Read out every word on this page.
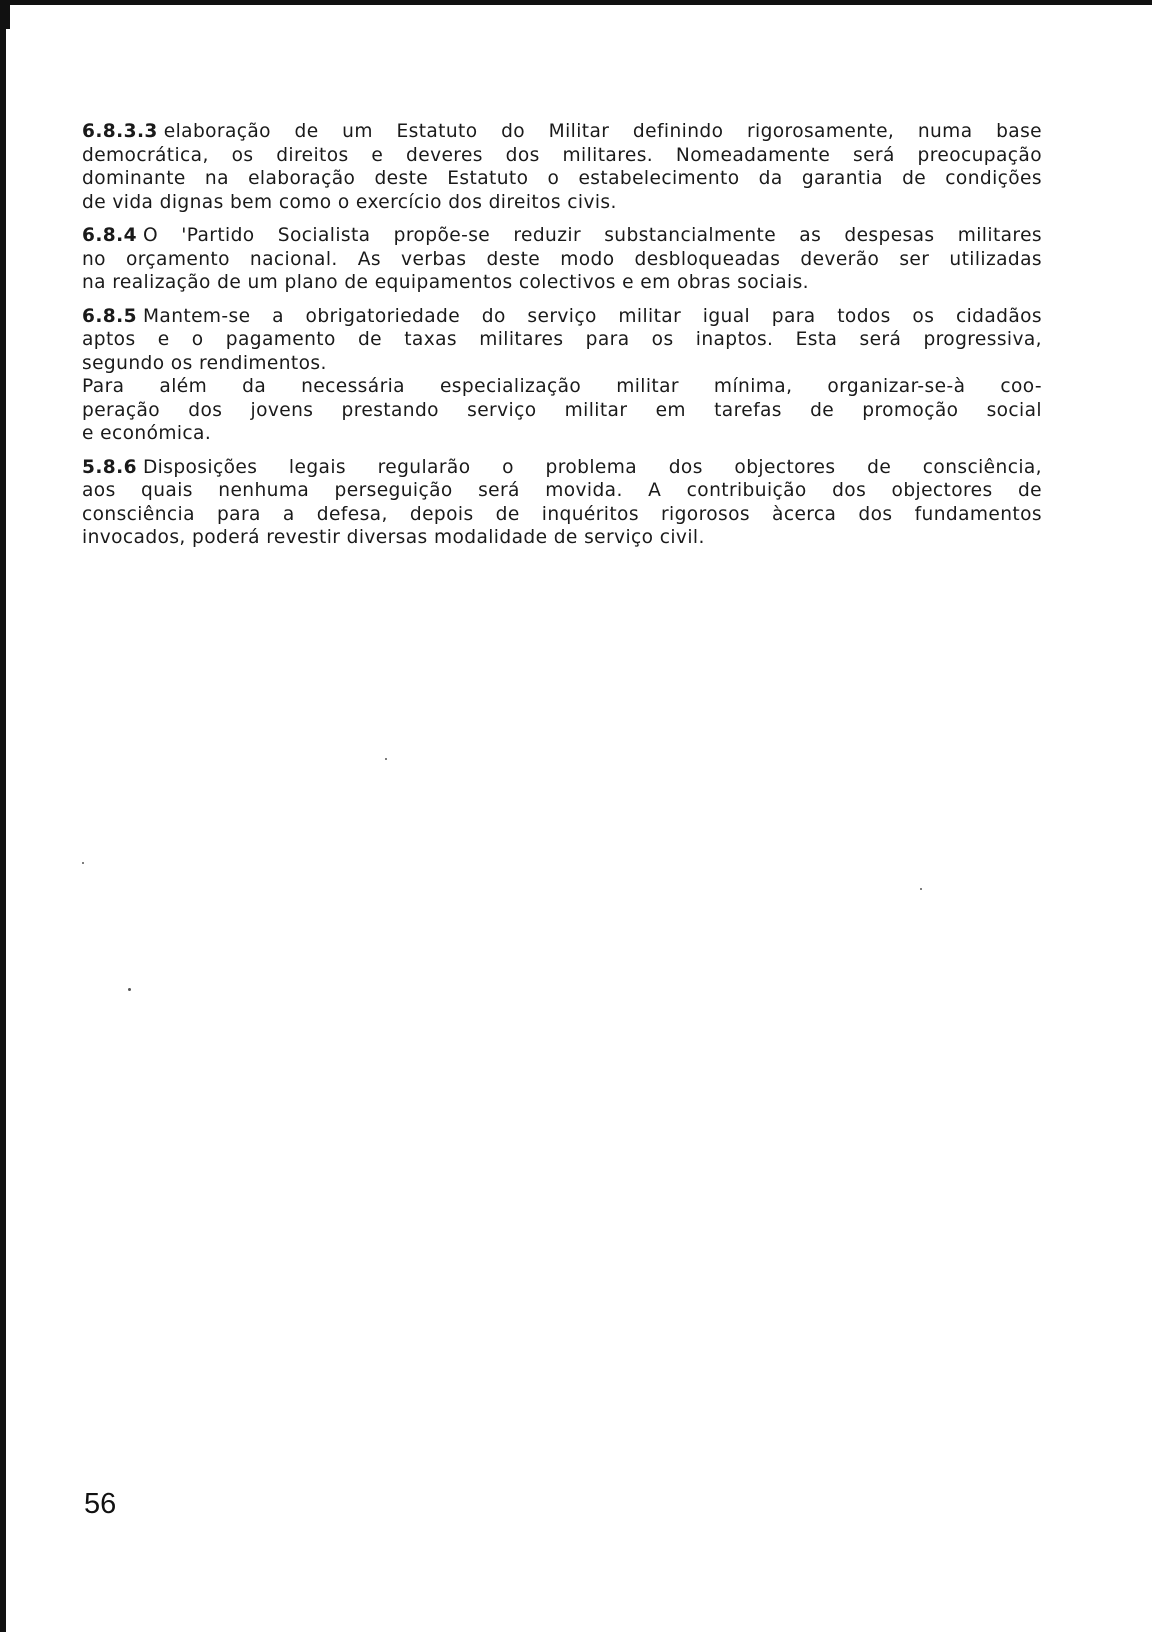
6.8.3.3 elaboração de um Estatuto do Militar definindo rigorosamente, numa base
democrática, os direitos e deveres dos militares. Nomeadamente será preocupação
dominante na elaboração deste Estatuto o estabelecimento da garantia de condições
de vida dignas bem como o exercício dos direitos civis.

6.8.4 O 'Partido Socialista propõe-se reduzir substancialmente as despesas militares
no orçamento nacional. As verbas deste modo desbloqueadas deverão ser utilizadas
na realização de um plano de equipamentos colectivos e em obras sociais.

6.8.5 Mantem-se a obrigatoriedade do serviço militar igual para todos os cidadãos
aptos e o pagamento de taxas militares para os inaptos. Esta será progressiva,
segundo os rendimentos.
Para além da necessária especialização militar mínima, organizar-se-à coo-
peração dos jovens prestando serviço militar em tarefas de promoção social
e económica.

5.8.6 Disposições legais regularão o problema dos objectores de consciência,
aos quais nenhuma perseguição será movida. A contribuição dos objectores de
consciência para a defesa, depois de inquéritos rigorosos àcerca dos fundamentos
invocados, poderá revestir diversas modalidade de serviço civil.

56
